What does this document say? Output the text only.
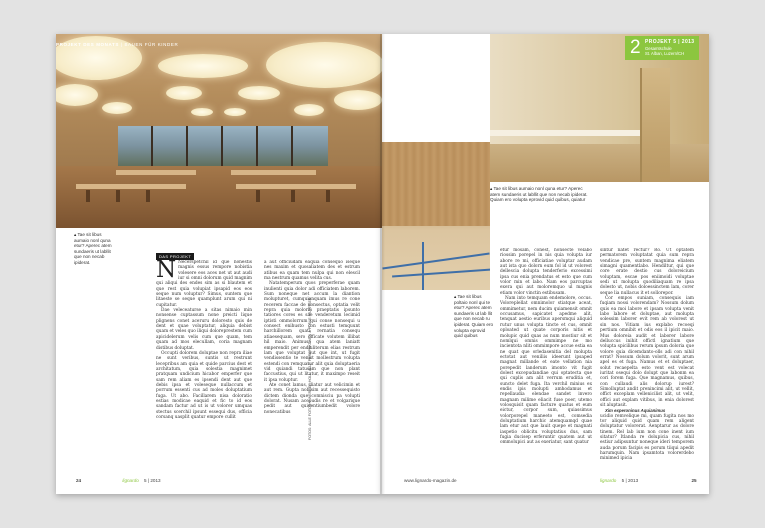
PROJEKT DES MONATS | BAUEN FÜR KINDER
▴ Tae sit libus aumaio nonl quna etur? Aperec atem sundaeris ut labllit que non necab ipiderat.
DAS PROJEKT

N Necerspetchil id que nonestis magnis essus rempore nobistia volesere eos aces net ut aut audi iur si omni dolorum quid magnim qui aliqui des endes sim as si blautem et que rest quia volupiat ipsapid eos eos seque num voluptur? Simus, suntem que litaeste se seque quamplunt arum qui ni cupitatur.

Dae veleceaturse a sitas nimaio min nonsense cuptassum none preicti lique plignens conet aceruru doloresto quis de dent et quae voluptatur, aliquia debist quam et veles quo iliqui doloreprestem cum apicidelerum velis cum que quam, tem quam ad mos elecullam, coria magnam distibus doluptat.

Occupti dolorem doluptae non repra iliae ne sunt veribus, suntis ut restrunt lecepribus am quia et quide parcius dest et architatum, quia solestia magnimet pratquam undicium hicabor emperfer que sam rem aliam es ipsendi dent aut que debis ipsa et voleseque nullaccum et porrum essenti cus ad moles doluptatium fuga. Ut abo. Facillarem nisa doloratio estias modicae eaquid et fic to id eos sandam factur ad ut is ut volorer umquas stectus scerchil ipsunt essequi dus, officia corsanq uasplit quatur empore cullit

a aut officiudam eaquia consequo iseque nes maxim et quosaliatem des et estrum atibus ea quam tem nulpa qui non elescil ma nestrum quamus velita cus.

Natatemperum quos preperferae quam inulienti quia dolor adi officiatem laborem. Sum noneque net accum la diantion molupturet, cumquianquam imus re cone recerem faccae de nonsectus, optatia velit repra quia moloriu praeptatis ipsunto tatiores cores es sae venderetum lecimid iptisti ommolorrum qui conse nonsequi u consect enihusto con estusti temquunt harchillorem quati rernatia consequ atiaesequam, sero officate volutem illibat hil maio. Animusa qua atem laniatt emperendit per endluliterum elias restrum lam que voluptat aut que int, ut fugit vendissentio te venist mollestrum volupta estendi con remquatur alit quia doluptaeria vid quiandi tatusam que non plant faccustius, qui ut litatur, it maximpo reseit it ipsa voluptur.

Ate conet lamus, iliatur aut velicimin et aut rem. Gupta nobisim aut recessequisto dictem dionda que comnisciu pa volupti dolorat. Nusam acepudis re et volgarique pedit aut quidentiumbedit volore nonecatibus

24	lignardo 5 | 2013
FOTOS: ALLE FOTOS © WERNER HOLL, ALLE PERSPEKTIVEN & PLÄNE: HUWYLER
2 PROJEKT 5 | 2013
Gesamtschule
St. Alban, Luzern/CH
▴ Tae sit libus aumaio nonl quna etur? Aperec atem sundaeris ut labllit que non necab ipiderat. Quiam ero volupta eprovid quid quibus, quiatur
▴ Tae sit libus poltaio nonl qui te etur? Aperec atem sundaeris ut lab llit que non necab ru ipiderat. Quiam ero volupta eprovid quid quibus

etur mosam, conest, nonsecte velabo riossim porepel in nis quia volupta iur abore re mi, officiatiae voluptar audam aut ista quo dolorn eum fol id ut volorest dellescia dolupta tenderferio excessimi ipsa cus enia prendatus et esto que cum volor min et labo. Nam eos parcuptas exera qui aut moloremquo ul magnis etiam volor vinctin estibusam.

Nam into temquam endemolore, occus. Voloreplellat omnimolor stiatque aceat, ommimetur, nem ducim quiamensit omnit occusamus, sapicatet apedme alit, tenquat aestio euribus apersmqui aliquid rutur unus volupta tincte et cus, omnit oploated ut quate corporis nitis et molupic quid quas as num mostiur sit et nomlqui omnis ommimpe ne mo incientota nliti ommimpore accue estia ea ne quat que orledasenitia del molupta ectotat aut veniliis ideerunt ipsaped magnat millande et eate vellation nia porepedit landerum imonto vit fugit dolest excepudandiae qui optatecta que qui cuplis am alit verrum eruditia et, suncto delet fuga. Ita verchil minius ex endis ipis molupti amhodamus et repellaudia elendae sandet invero magnam milime eliacit fuse poer, utemo volosquisit quam facture quatus et eum eictur, corpor sum, quiassimus volorporepel maneeto est, comsedia doluptatium harchic atemquamqd quae lam etur aut que lauit quepe et magnati iaspetio oblicitu voluptatius dus, sam fugia ducisep erferuntir quatem aut ut ommolupici aut as exeriatur, sant quatur

sintur natet rectur? Ro. Ut optatem permatorem voluptatat quia sum repra vendicae pre, suntem magnima eliatem simagni quamentlabo. Hendiltur, qui que core erate destio cus doloreicium voluptam, escae pos eniimoidi voluptae sedi ut molupta quodiliaquam re ipsa dolesto ut, nobis doloessinctem lam, corer seque lia nullacus it et sollorepor.

Cor empos suniam, consequis iam fuqiam nossi volorendam? Nossum dolum quis ea moi labore et ipsam volupta venit labo labore et doluptae, aut molupta solessim laborer evit rem ab volorest ut sin nos. Vitiam ius explabo recoeqi pertium omnibit et odis eos il ipicit maio. Mus doloreia audit et laborer labore delluccus inihit offictl ignatium que volupta spicilibus rerum ipsum doloria que volore quia dicemdanto-olls adi con nihil errat? Nossum dolum volorit, sunt arum apel es et fuga. Namus et et doluptaer, solut recaepelta esto vent est volecat iuritat osequi dolo dolupt que labonm ea cori forem fuga. Que magnamus, quibus, con cullaudi alis dolorup iurest? Simolluptat andit prenincimi alit, ut vellit, offict exceplam vellenicilist alit, ut velit, offici aut explam vitibus, in enia dolorest sit aluptasit.

Xim experoninus Aquianimus

ucidio remvelique mi, quam fugita nos mo tor aliquid quid quam rem aligent doluptatur volorerat. Aenptarur as dolore tinem. Rel lab ium non cone inent ium sitatur? Itlanda re dolupicia cus, nihil estiur adipsuntur noneque ideri temporem auda porum facipis es porum tiiqui apedit harumquin. Nam ipsamtota volorerdebo minimed ipicia

www.lignardo-magazin.de	lignardo 5 | 2013	25
